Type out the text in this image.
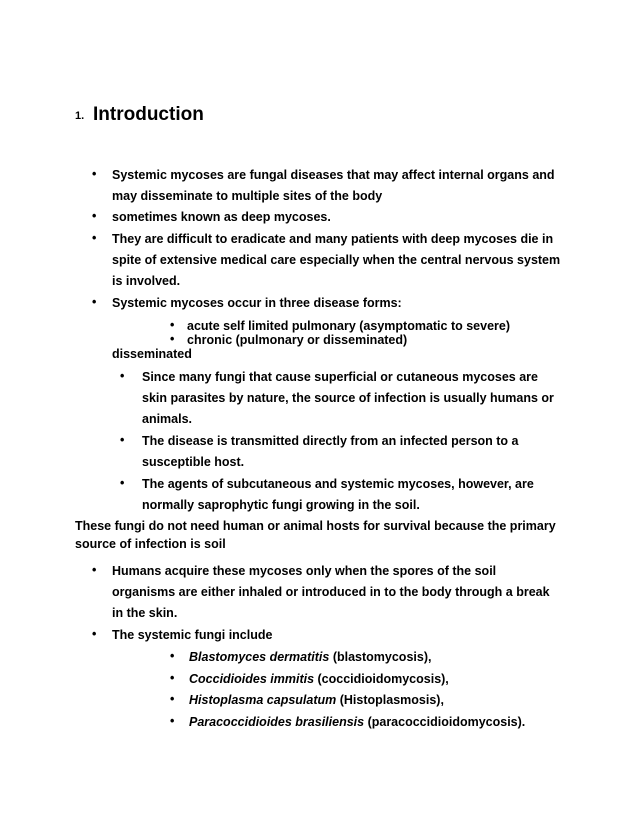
1. Introduction
• Systemic mycoses are fungal diseases that may affect internal organs and
may disseminate to multiple sites of the body
• sometimes known as deep mycoses.
• They are difficult to eradicate and many patients with deep mycoses die in
spite of extensive medical care especially when the central nervous system
is involved.
• Systemic mycoses occur in three disease forms:
• acute self limited pulmonary (asymptomatic to severe)
• chronic (pulmonary or disseminated)
disseminated
• Since many fungi that cause superficial or cutaneous mycoses are
skin parasites by nature, the source of infection is usually humans or
animals.
• The disease is transmitted directly from an infected person to a
susceptible host.
• The agents of subcutaneous and systemic mycoses, however, are
normally saprophytic fungi growing in the soil.
These fungi do not need human or animal hosts for survival because the primary
source of infection is soil
• Humans acquire these mycoses only when the spores of the soil
organisms are either inhaled or introduced in to the body through a break
in the skin.
• The systemic fungi include
• Blastomyces dermatitis (blastomycosis),
• Coccidioides immitis (coccidioidomycosis),
• Histoplasma capsulatum (Histoplasmosis),
• Paracoccidioides brasiliensis (paracoccidioidomycosis).
